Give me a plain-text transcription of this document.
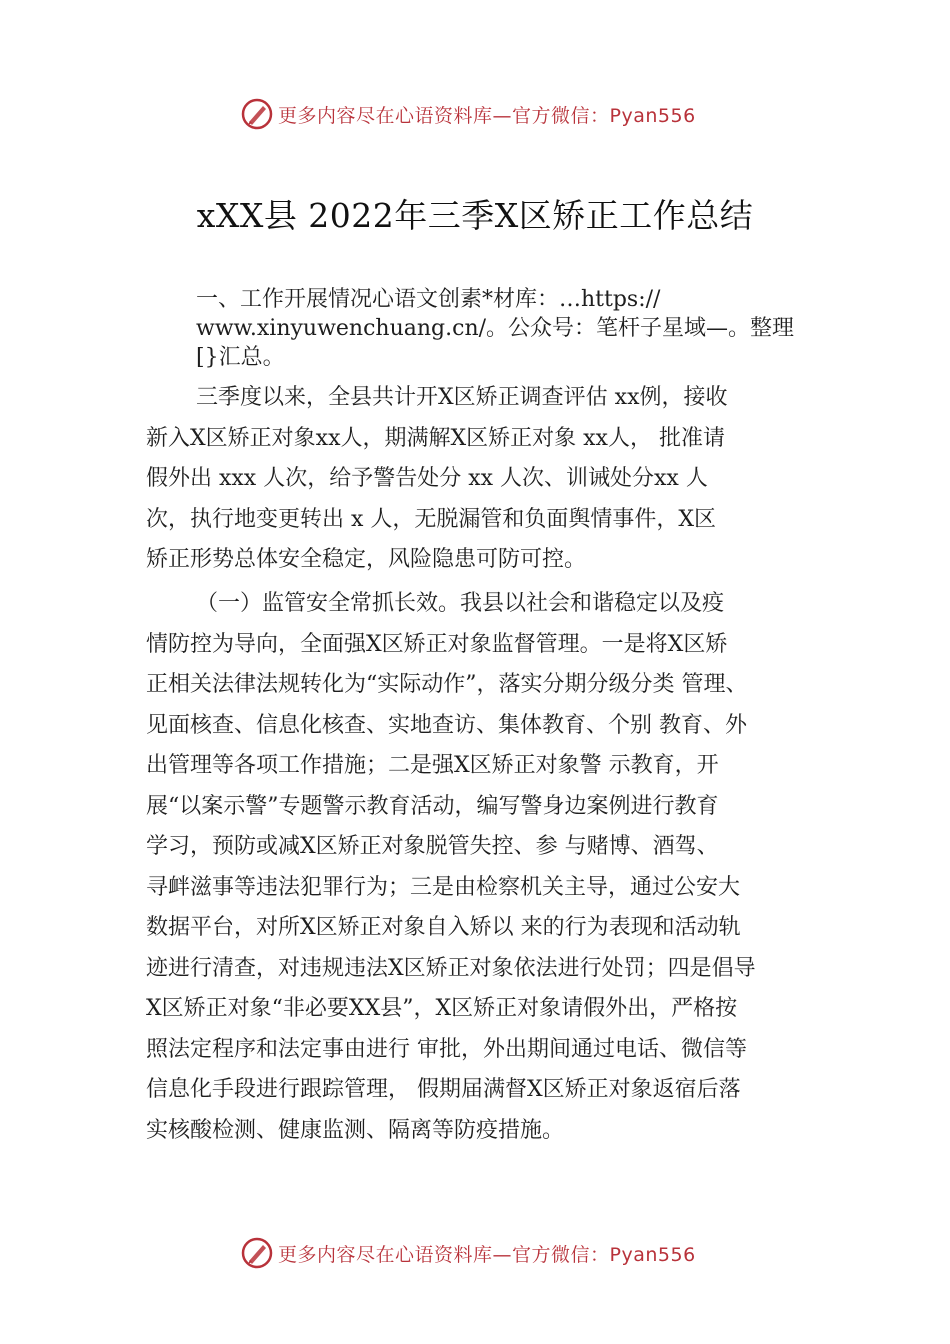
更多内容尽在心语资料库—官方微信：Pyan556
xXX县 2022年三季X区矫正工作总结
一、工作开展情况心语文创素*材库：…https://
www.xinyuwenchuang.cn/。公众号：笔杆子星域—。整理
[}汇总。
三季度以来，全县共计开X区矫正调查评估 xx例，接收
新入X区矫正对象xx人，期满解X区矫正对象 xx人， 批准请
假外出 xxx 人次，给予警告处分 xx 人次、训诫处分xx 人
次，执行地变更转出 x 人，无脱漏管和负面舆情事件，X区
矫正形势总体安全稳定，风险隐患可防可控。
（一）监管安全常抓长效。我县以社会和谐稳定以及疫
情防控为导向，全面强X区矫正对象监督管理。一是将X区矫
正相关法律法规转化为“实际动作”，落实分期分级分类 管理、
见面核查、信息化核查、实地查访、集体教育、个别 教育、外
出管理等各项工作措施；二是强X区矫正对象警 示教育，开
展“以案示警”专题警示教育活动，编写警身边案例进行教育
学习，预防或减X区矫正对象脱管失控、参 与赌博、酒驾、
寻衅滋事等违法犯罪行为；三是由检察机关主导，通过公安大
数据平台，对所X区矫正对象自入矫以 来的行为表现和活动轨
迹进行清查，对违规违法X区矫正对象依法进行处罚；四是倡导
X区矫正对象“非必要XX县”，X区矫正对象请假外出，严格按
照法定程序和法定事由进行 审批，外出期间通过电话、微信等
信息化手段进行跟踪管理， 假期届满督X区矫正对象返宿后落
实核酸检测、健康监测、隔离等防疫措施。
更多内容尽在心语资料库—官方微信：Pyan556
